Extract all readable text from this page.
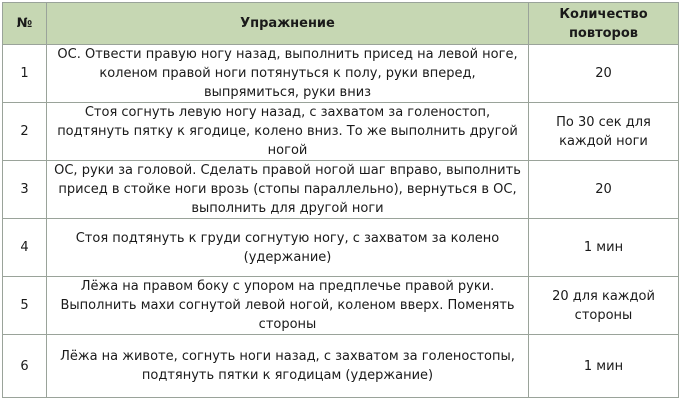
№	Упражнение	Количество повторов
1	ОС. Отвести правую ногу назад, выполнить присед на левой ноге, коленом правой ноги потянуться к полу, руки вперед, выпрямиться, руки вниз	20
2	Стоя согнуть левую ногу назад, с захватом за голеностоп, подтянуть пятку к ягодице, колено вниз. То же выполнить другой ногой	По 30 сек для каждой ноги
3	ОС, руки за головой. Сделать правой ногой шаг вправо, выполнить присед в стойке ноги врозь (стопы параллельно), вернуться в ОС, выполнить для другой ноги	20
4	Стоя подтянуть к груди согнутую ногу, с захватом за колено (удержание)	1 мин
5	Лёжа на правом боку с упором на предплечье правой руки. Выполнить махи согнутой левой ногой, коленом вверх. Поменять стороны	20 для каждой стороны
6	Лёжа на животе, согнуть ноги назад, с захватом за голеностопы, подтянуть пятки к ягодицам (удержание)	1 мин
